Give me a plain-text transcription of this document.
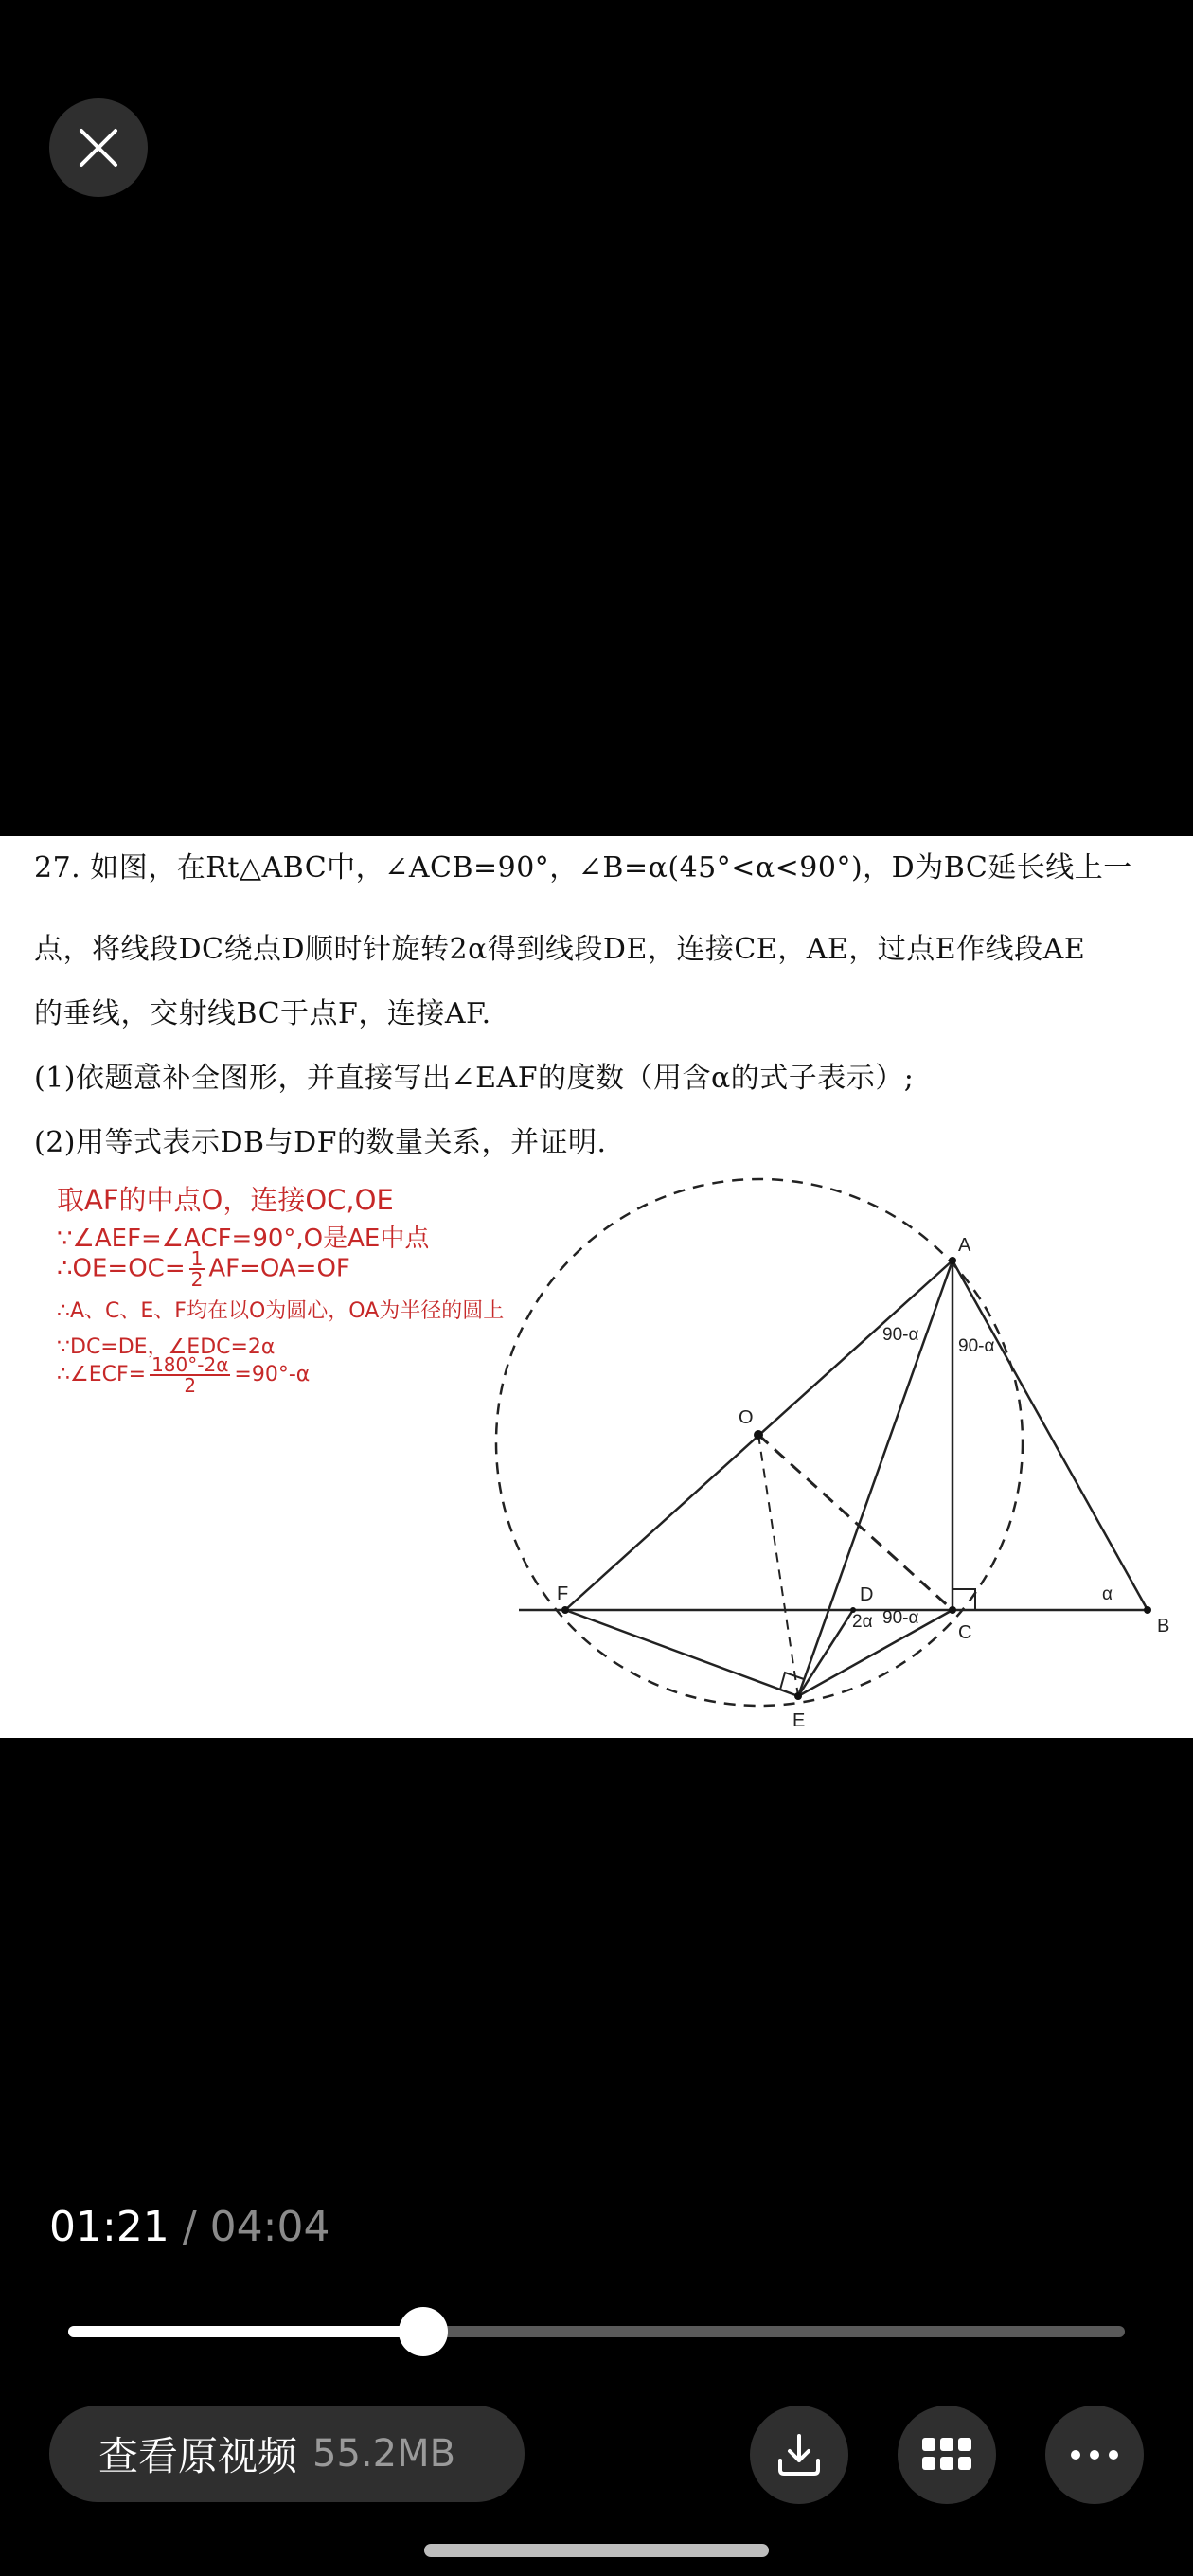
27. 如图，在Rt△ABC中，∠ACB=90°，∠B=α(45°<α<90°)，D为BC延长线上一
点，将线段DC绕点D顺时针旋转2α得到线段DE，连接CE，AE，过点E作线段AE
的垂线，交射线BC于点F，连接AF.
(1)依题意补全图形，并直接写出∠EAF的度数（用含α的式子表示）;
(2)用等式表示DB与DF的数量关系，并证明.
取AF的中点O，连接OC,OE
∵∠AEF=∠ACF=90°,O是AE中点
∴OE=OC= $\frac{1}{2} AF=OA=OF$
∴A、C、E、F均在以O为圆心，OA为半径的圆上
∵DC=DE，∠EDC=2α
∴∠ECF= $\frac{180^\circ-2\alpha}{2} =90^\circ-\alpha$
A
O
F	D
C	B
E
90-α
90-α
90-α
2α
α
01:21 / 04:04
查看原视频 55.2MB
